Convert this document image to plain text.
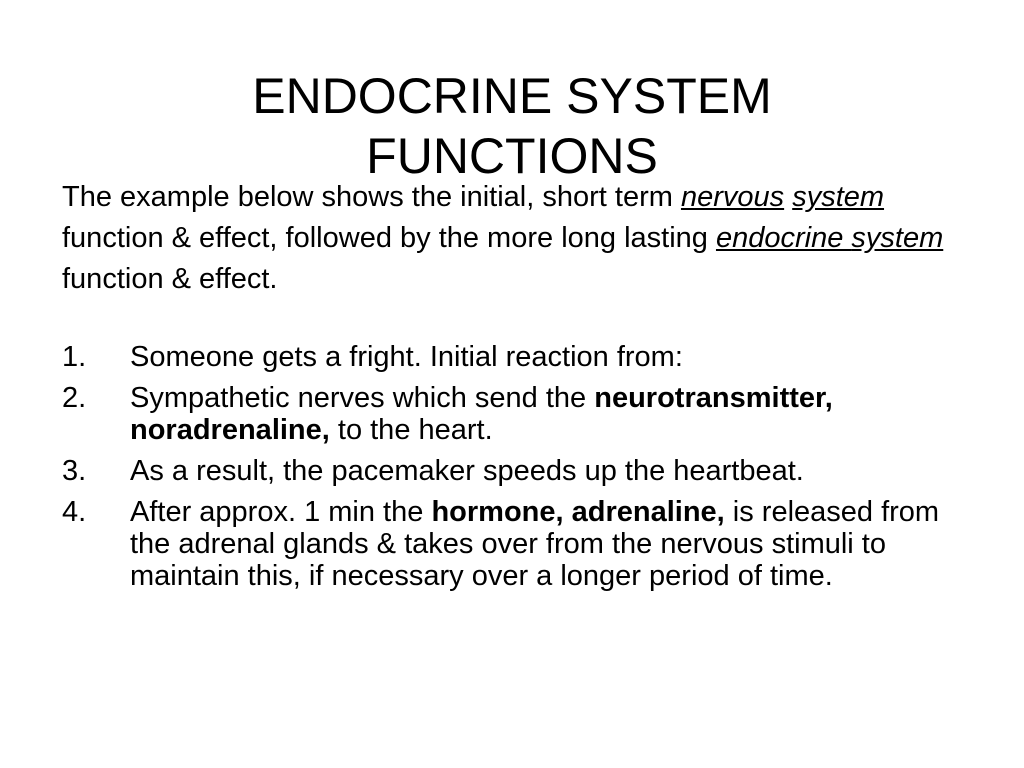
ENDOCRINE SYSTEM
FUNCTIONS

The example below shows the initial, short term nervous system function & effect, followed by the more long lasting endocrine system function & effect.

1. Someone gets a fright. Initial reaction from:
2. Sympathetic nerves which send the neurotransmitter, noradrenaline, to the heart.
3. As a result, the pacemaker speeds up the heartbeat.
4. After approx. 1 min the hormone, adrenaline, is released from the adrenal glands & takes over from the nervous stimuli to maintain this, if necessary over a longer period of time.
